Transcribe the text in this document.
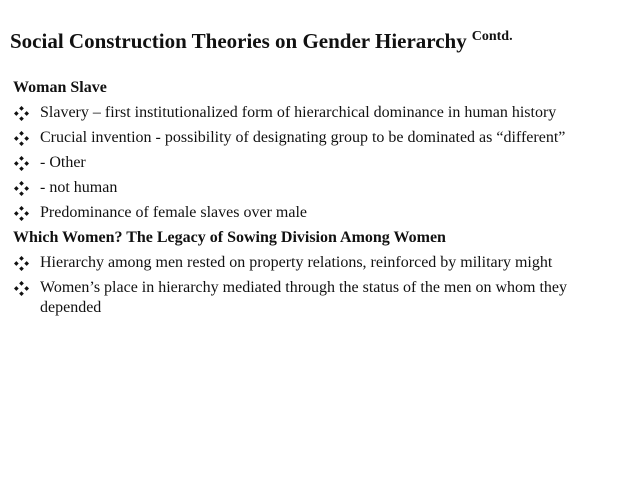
Social Construction Theories on Gender Hierarchy $^{Contd.}$
Woman Slave
Slavery – first institutionalized form of hierarchical dominance in human history
Crucial invention - possibility of designating group to be dominated as “different”
- Other
- not human
Predominance of female slaves over male
Which Women? The Legacy of Sowing Division Among Women
Hierarchy among men rested on property relations, reinforced by military might
Women’s place in hierarchy mediated through the status of the men on whom they depended
